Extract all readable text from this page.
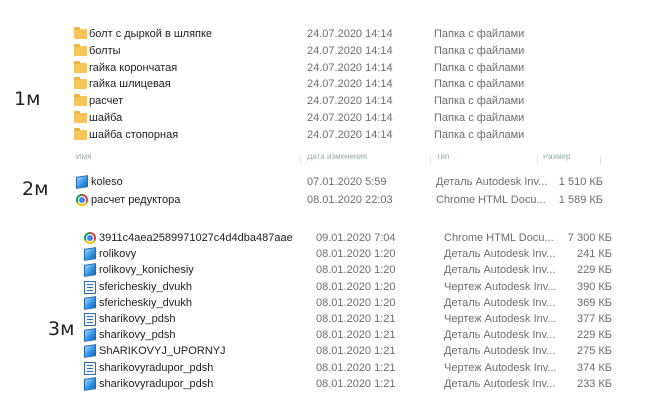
1м
2м
3м
болт с дыркой в шляпке	24.07.2020 14:14	Папка с файлами
болты	24.07.2020 14:14	Папка с файлами
гайка корончатая	24.07.2020 14:14	Папка с файлами
гайка шлицевая	24.07.2020 14:14	Папка с файлами
расчет	24.07.2020 14:14	Папка с файлами
шайба	24.07.2020 14:14	Папка с файлами
шайба стопорная	24.07.2020 14:14	Папка с файлами
Имя	Дата изменения	Тип	Размер
koleso	07.01.2020 5:59	Деталь Autodesk Inv...	1 510 КБ
расчет редуктора	08.01.2020 22:03	Chrome HTML Docu...	1 589 КБ
3911c4aea2589971027c4d4dba487aae 09.01.2020 7:04	Chrome HTML Docu...	7 300 КБ
rolikovy	08.01.2020 1:20	Деталь Autodesk Inv...	241 КБ
rolikovy_konichesiy	08.01.2020 1:20	Деталь Autodesk Inv...	229 КБ
sfericheskiy_dvukh	08.01.2020 1:20	Чертеж Autodesk Inv...	390 КБ
sfericheskiy_dvukh	08.01.2020 1:20	Деталь Autodesk Inv...	369 КБ
sharikovy_pdsh	08.01.2020 1:21	Чертеж Autodesk Inv...	377 КБ
sharikovy_pdsh	08.01.2020 1:21	Деталь Autodesk Inv...	229 КБ
ShARIKOVYJ_UPORNYJ	08.01.2020 1:21	Деталь Autodesk Inv...	275 КБ
sharikovyradupor_pdsh	08.01.2020 1:21	Чертеж Autodesk Inv...	374 КБ
sharikovyradupor_pdsh	08.01.2020 1:21	Деталь Autodesk Inv...	233 КБ
